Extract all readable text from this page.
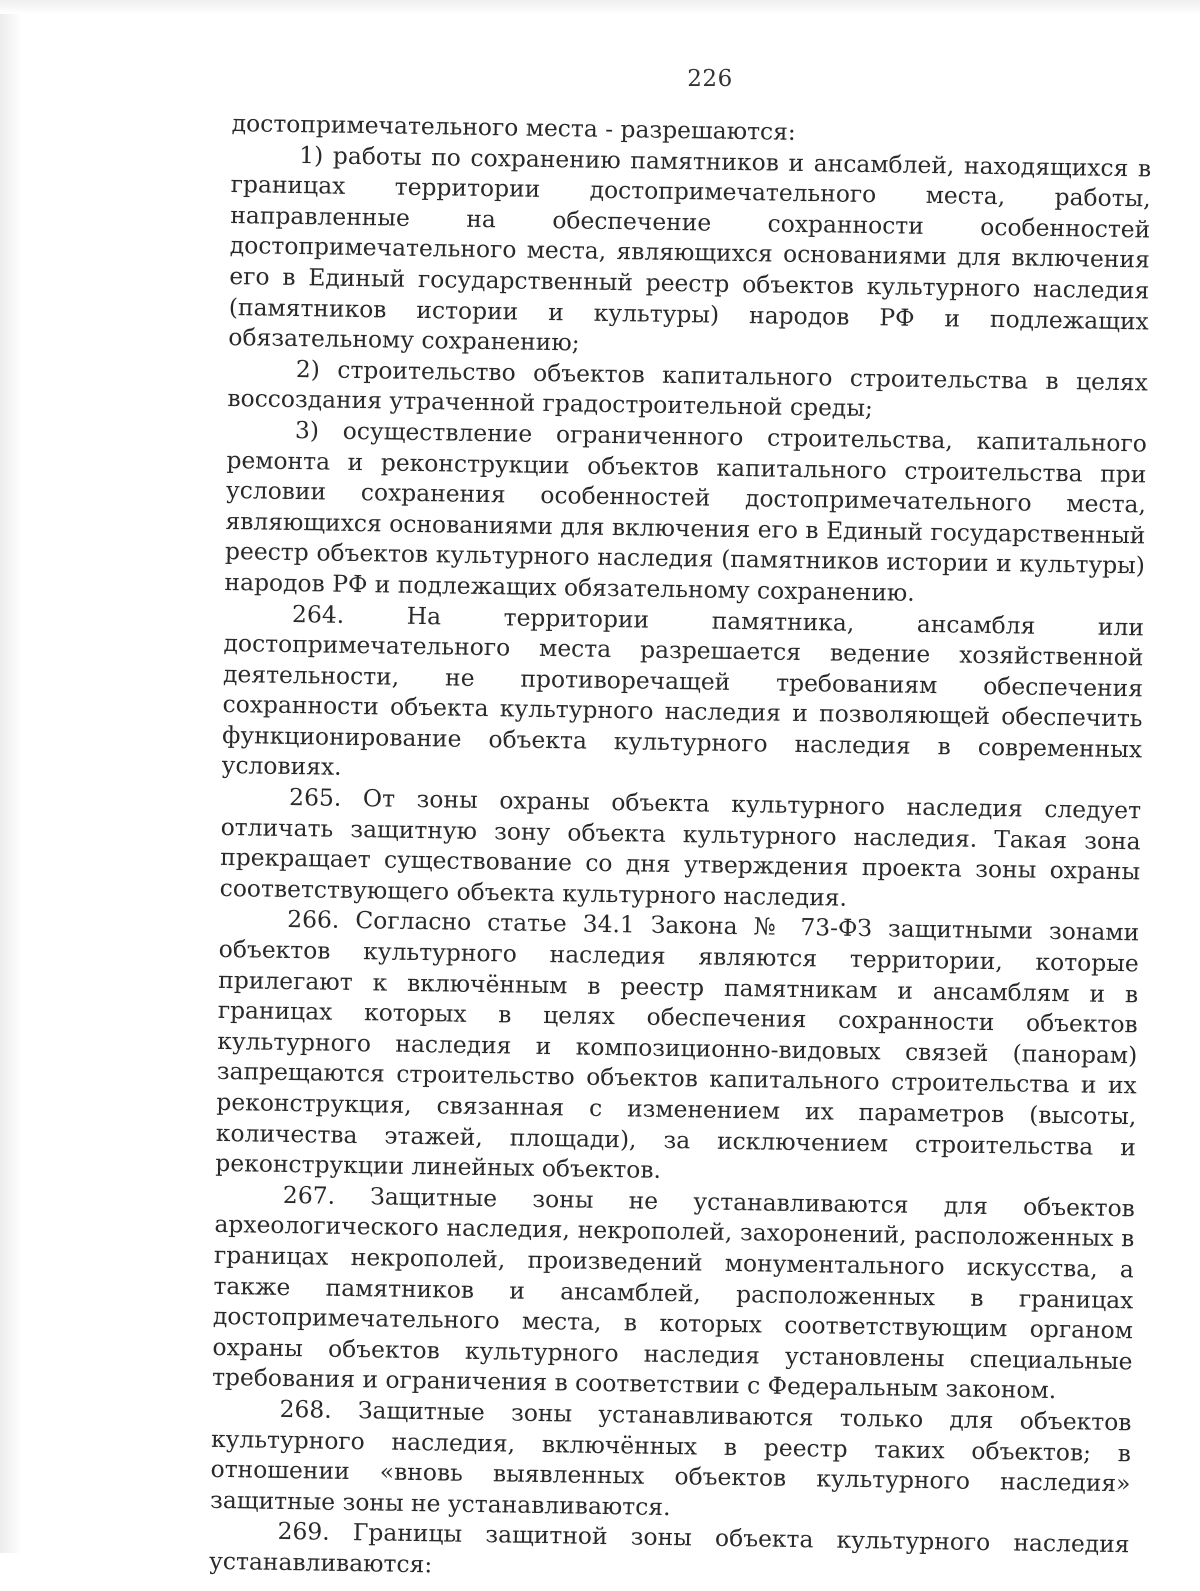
226

достопримечательного места - разрешаются:

1) работы по сохранению памятников и ансамблей, находящихся в границах территории достопримечательного места, работы, направленные на обеспечение сохранности особенностей достопримечательного места, являющихся основаниями для включения его в Единый государственный реестр объектов культурного наследия (памятников истории и культуры) народов РФ и подлежащих обязательному сохранению;

2) строительство объектов капитального строительства в целях воссоздания утраченной градостроительной среды;

3) осуществление ограниченного строительства, капитального ремонта и реконструкции объектов капитального строительства при условии сохранения особенностей достопримечательного места, являющихся основаниями для включения его в Единый государственный реестр объектов культурного наследия (памятников истории и культуры) народов РФ и подлежащих обязательному сохранению.

264. На территории памятника, ансамбля или достопримечательного места разрешается ведение хозяйственной деятельности, не противоречащей требованиям обеспечения сохранности объекта культурного наследия и позволяющей обеспечить функционирование объекта культурного наследия в современных условиях.

265. От зоны охраны объекта культурного наследия следует отличать защитную зону объекта культурного наследия. Такая зона прекращает существование со дня утверждения проекта зоны охраны соответствующего объекта культурного наследия.

266. Согласно статье 34.1 Закона № 73-ФЗ защитными зонами объектов культурного наследия являются территории, которые прилегают к включённым в реестр памятникам и ансамблям и в границах которых в целях обеспечения сохранности объектов культурного наследия и композиционно-видовых связей (панорам) запрещаются строительство объектов капитального строительства и их реконструкция, связанная с изменением их параметров (высоты, количества этажей, площади), за исключением строительства и реконструкции линейных объектов.

267. Защитные зоны не устанавливаются для объектов археологического наследия, некрополей, захоронений, расположенных в границах некрополей, произведений монументального искусства, а также памятников и ансамблей, расположенных в границах достопримечательного места, в которых соответствующим органом охраны объектов культурного наследия установлены специальные требования и ограничения в соответствии с Федеральным законом.

268. Защитные зоны устанавливаются только для объектов культурного наследия, включённых в реестр таких объектов; в отношении «вновь выявленных объектов культурного наследия» защитные зоны не устанавливаются.

269. Границы защитной зоны объекта культурного наследия устанавливаются:
